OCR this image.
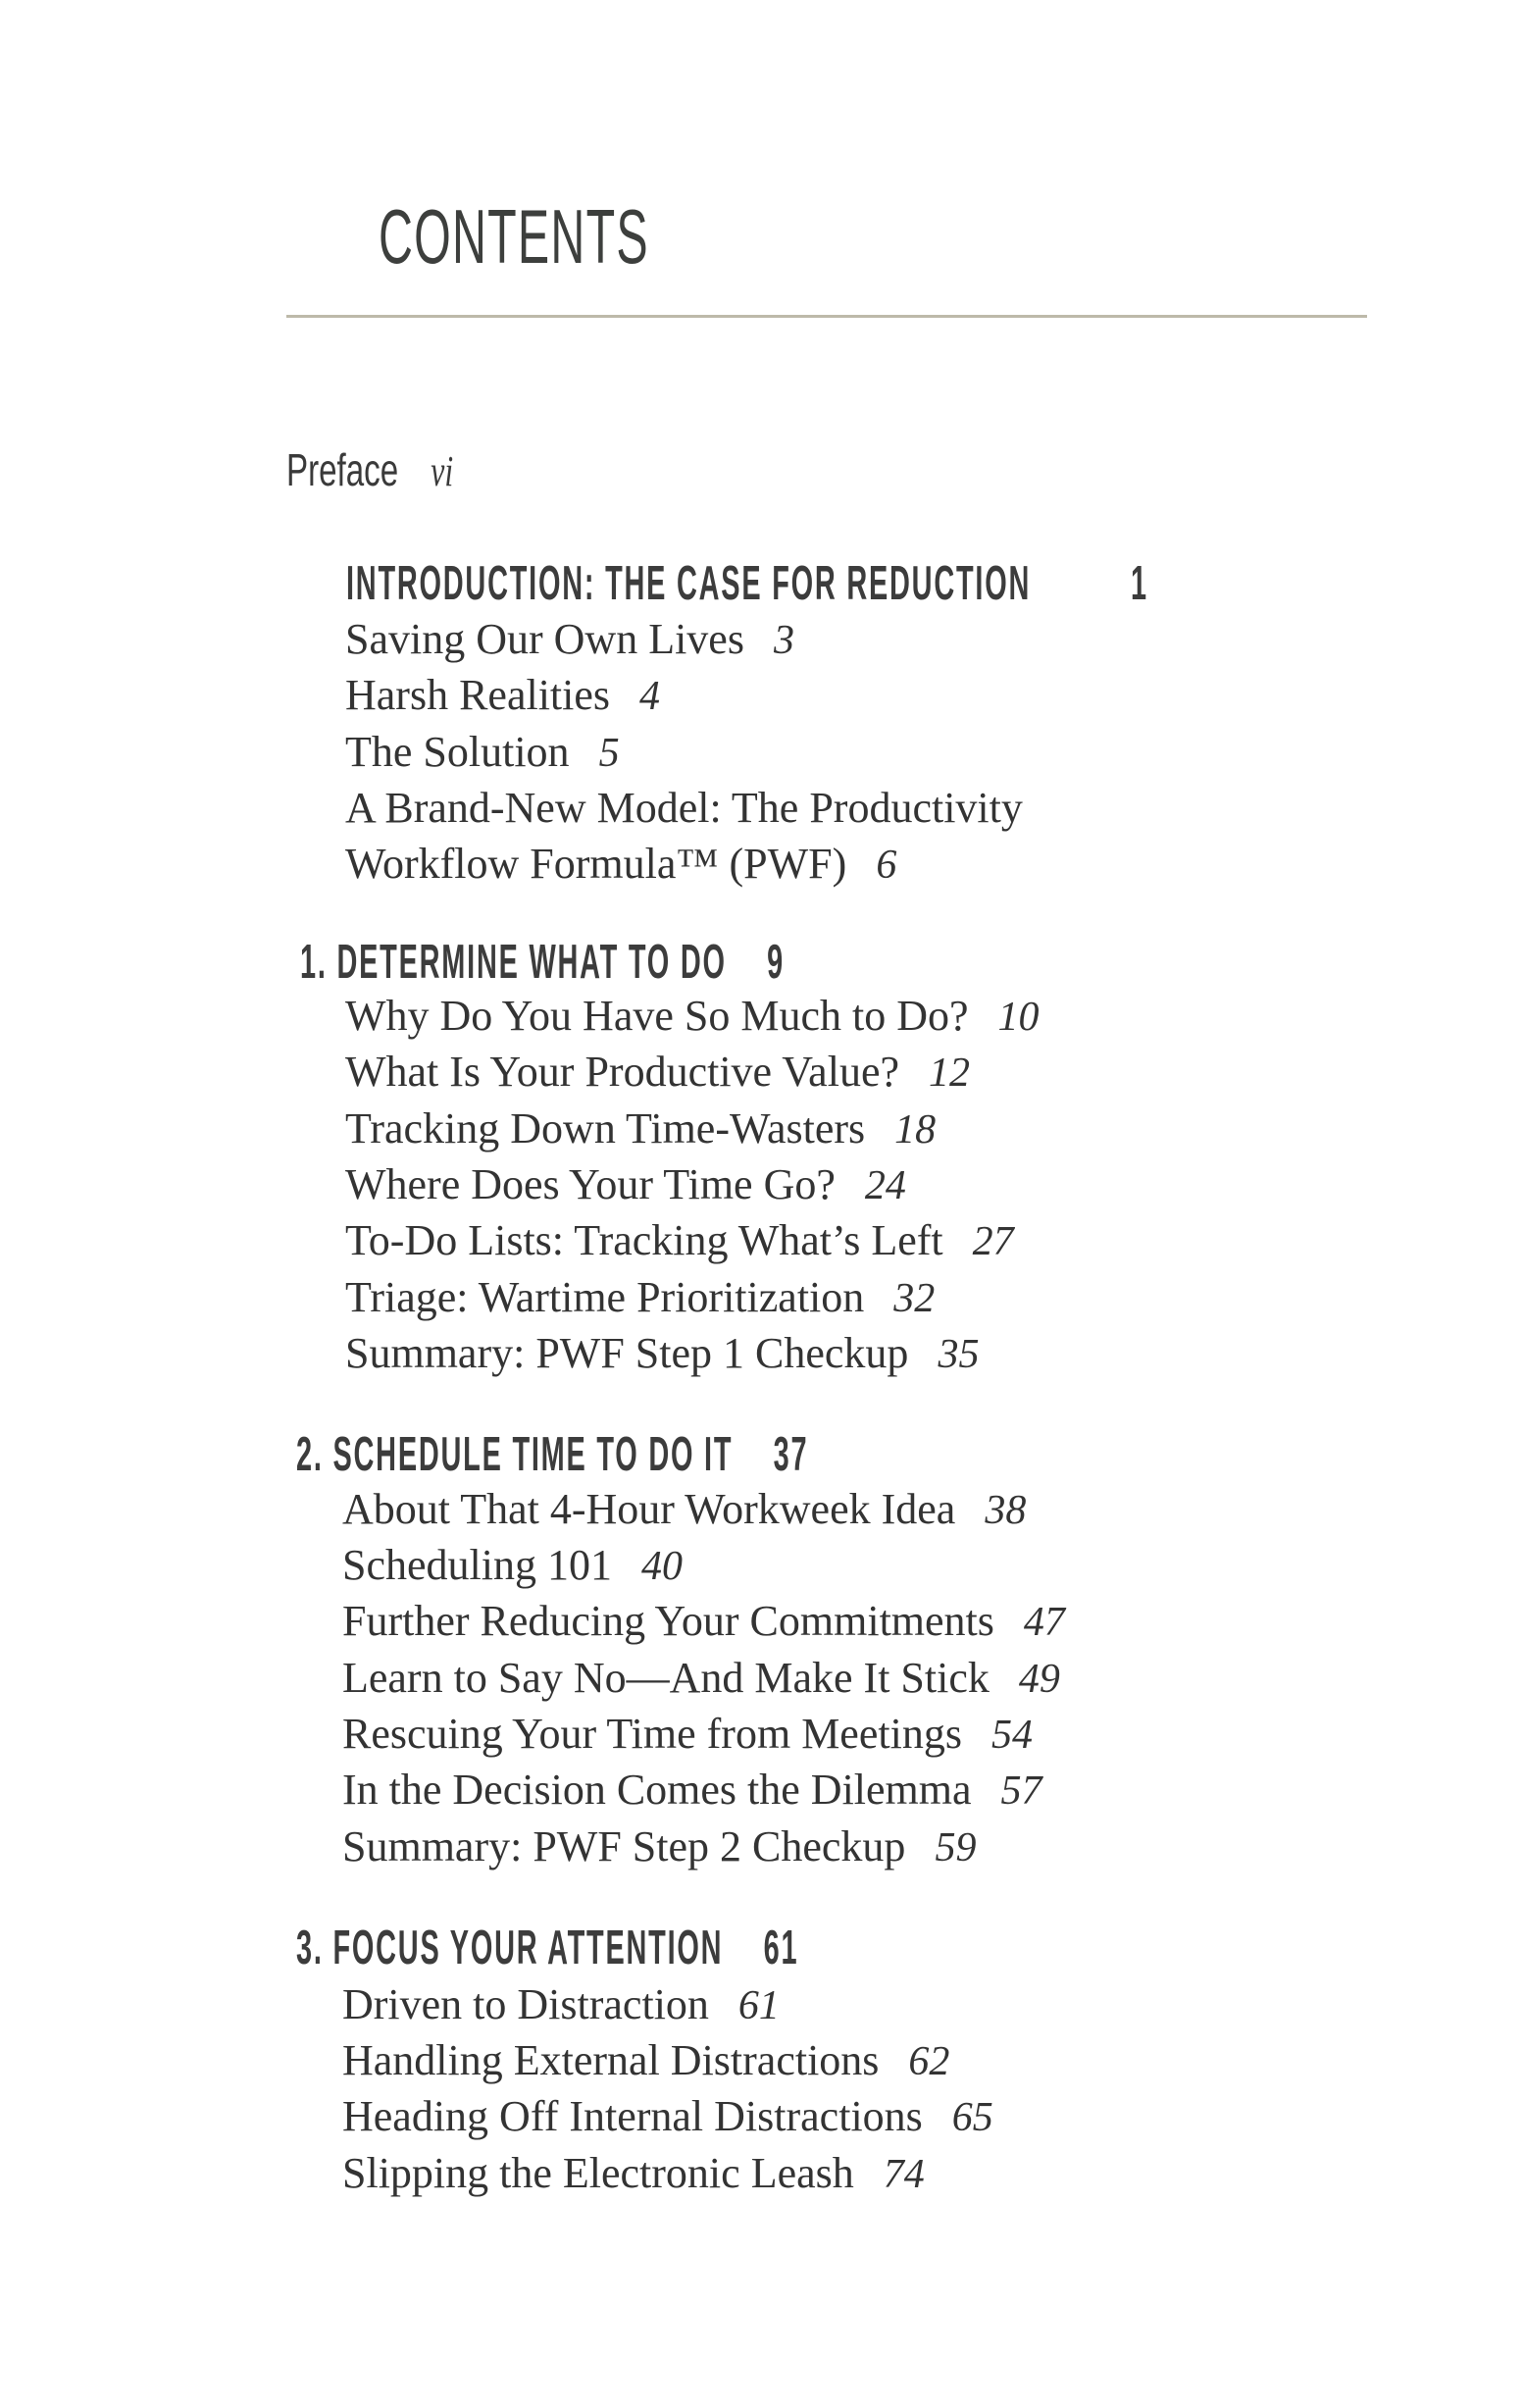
CONTENTS
Preface vi
INTRODUCTION: THE CASE FOR REDUCTION 1
Saving Our Own Lives 3
Harsh Realities 4
The Solution 5
A Brand-New Model: The Productivity
Workflow Formula™ (PWF) 6
1. DETERMINE WHAT TO DO 9
Why Do You Have So Much to Do? 10
What Is Your Productive Value? 12
Tracking Down Time-Wasters 18
Where Does Your Time Go? 24
To-Do Lists: Tracking What’s Left 27
Triage: Wartime Prioritization 32
Summary: PWF Step 1 Checkup 35
2. SCHEDULE TIME TO DO IT 37
About That 4-Hour Workweek Idea 38
Scheduling 101 40
Further Reducing Your Commitments 47
Learn to Say No—And Make It Stick 49
Rescuing Your Time from Meetings 54
In the Decision Comes the Dilemma 57
Summary: PWF Step 2 Checkup 59
3. FOCUS YOUR ATTENTION 61
Driven to Distraction 61
Handling External Distractions 62
Heading Off Internal Distractions 65
Slipping the Electronic Leash 74
